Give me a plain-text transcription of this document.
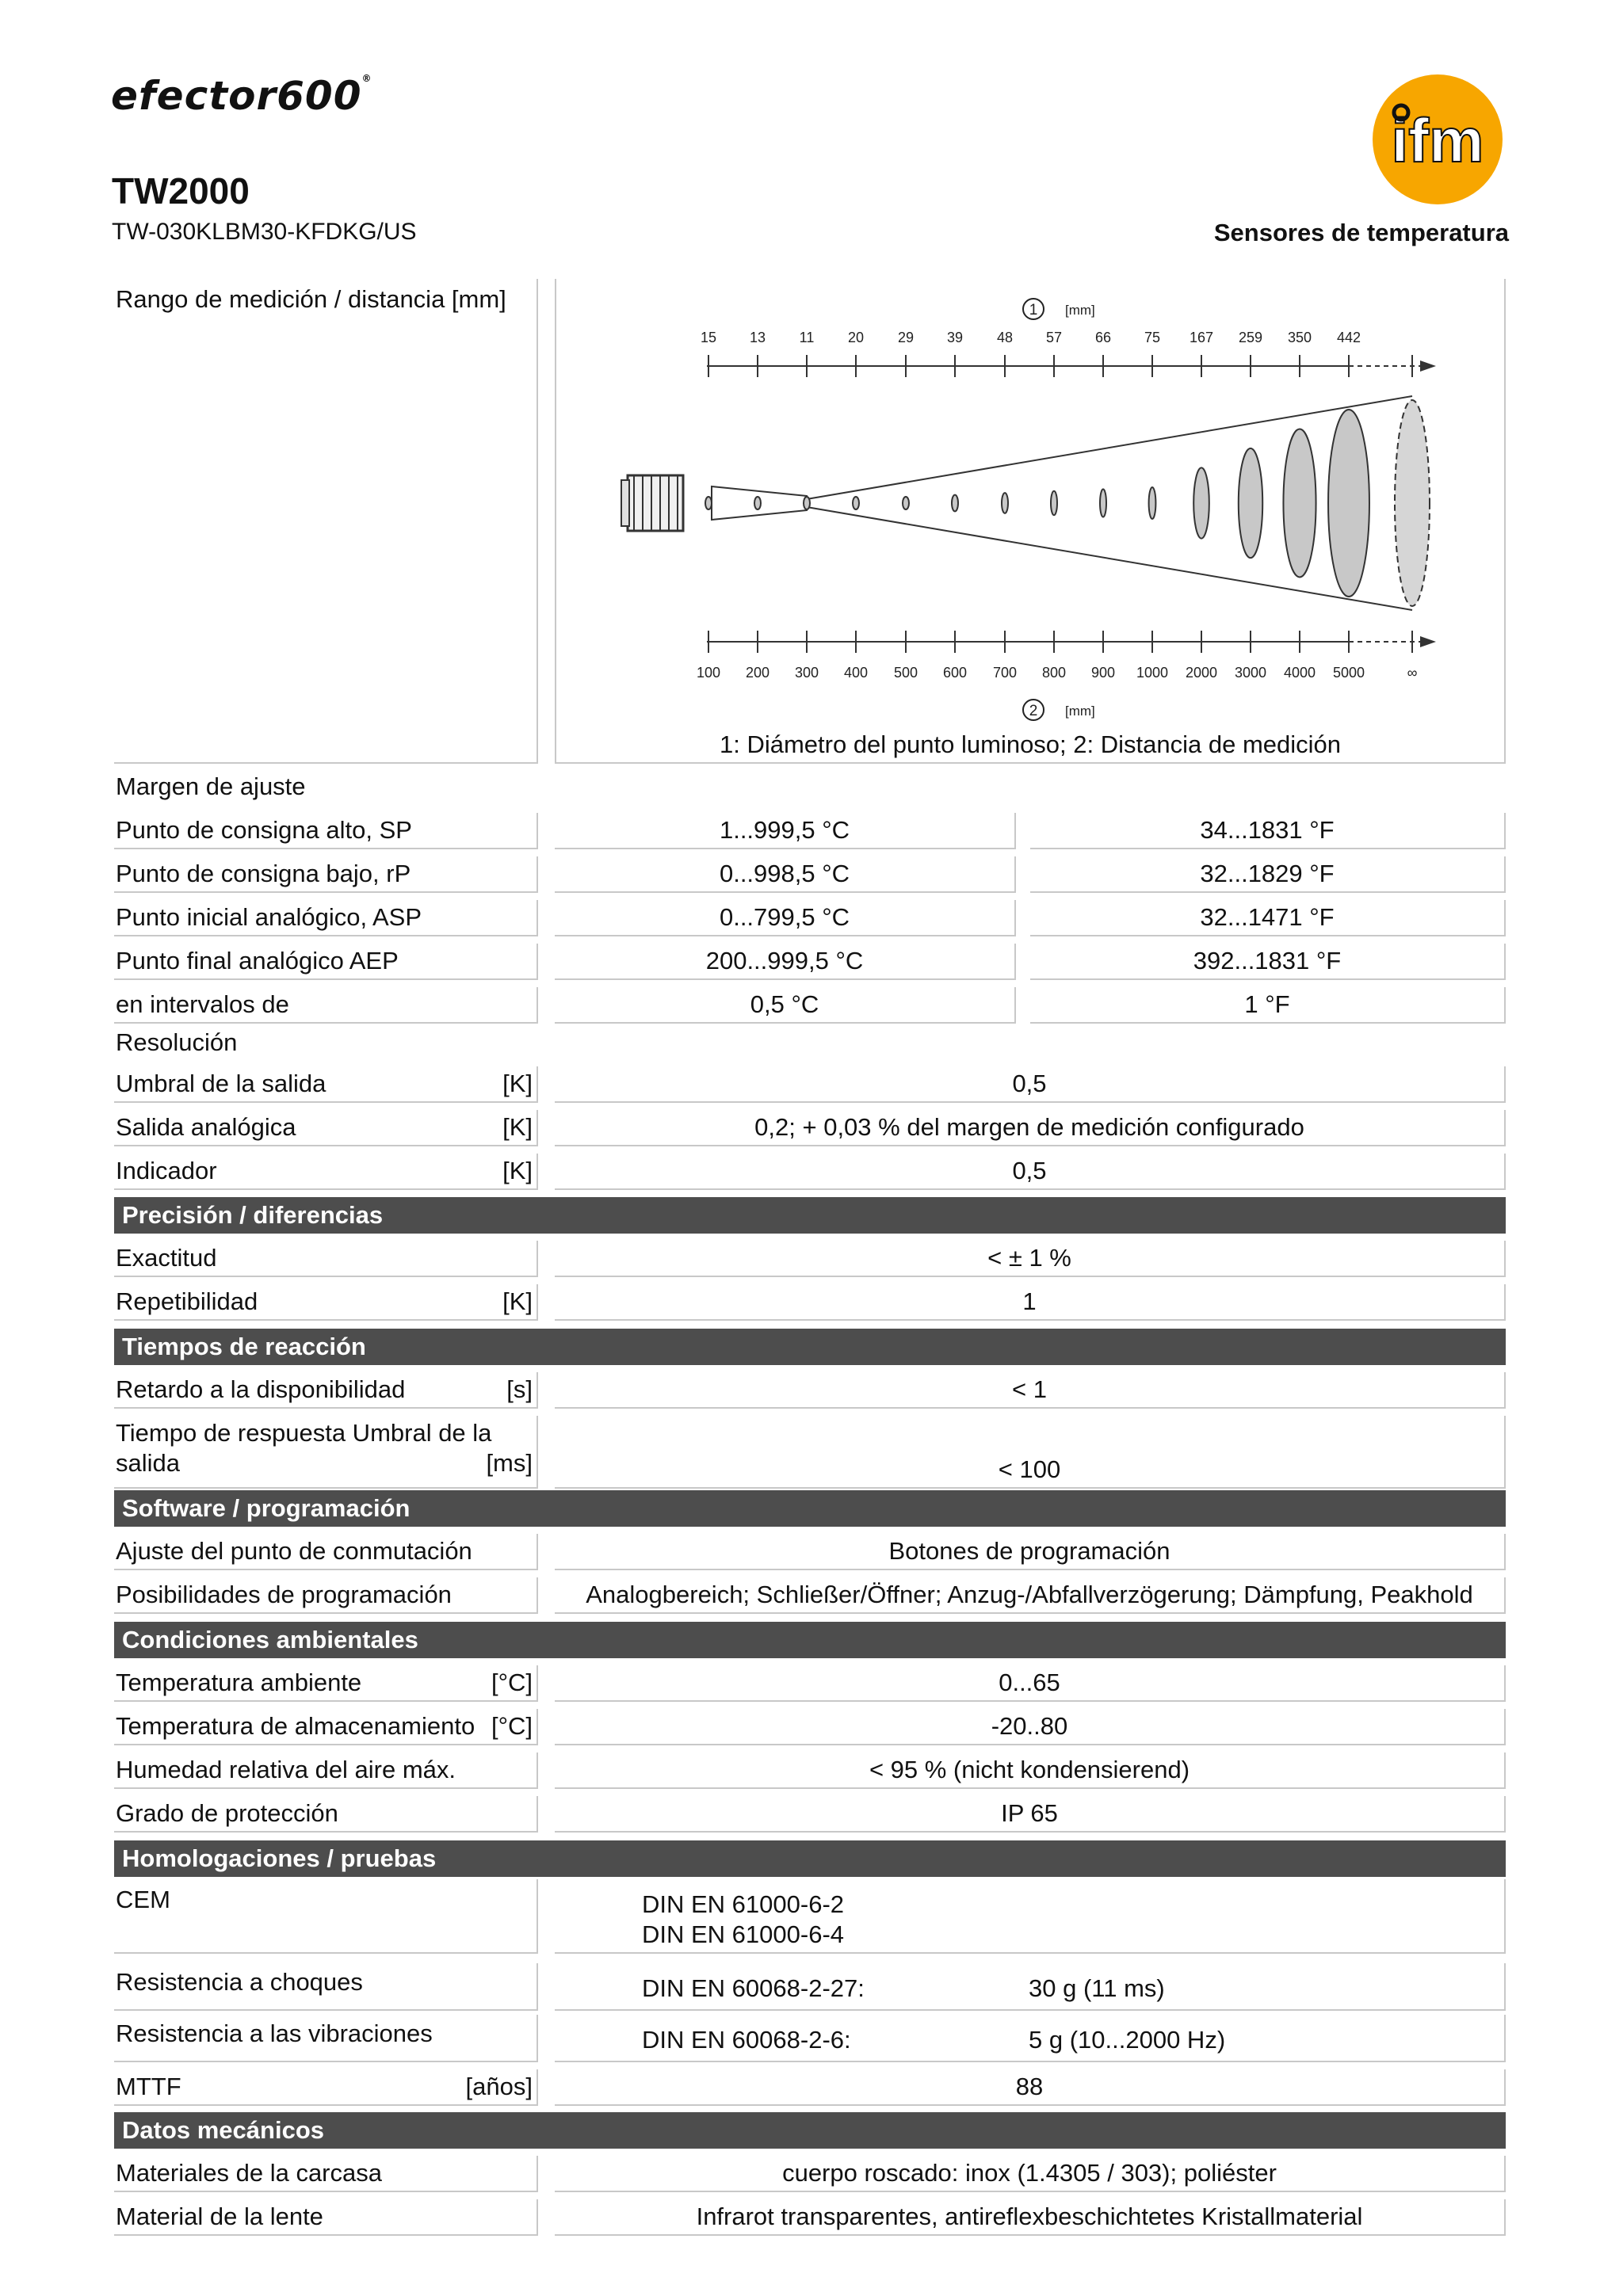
efector600®
ifm
TW2000
TW-030KLBM30-KFDKG/US	Sensores de temperatura
Rango de medición / distancia [mm]
15 13 11 20 29 39 48 57 66 75 167 259 350 442
100 200 300 400 500 600 700 800 900 1000 2000 3000 4000 5000	∞
1 [mm]
2 [mm]
1: Diámetro del punto luminoso; 2: Distancia de medición
Margen de ajuste
Punto de consigna alto, SP	1...999,5 °C	34...1831 °F
Punto de consigna bajo, rP	0...998,5 °C	32...1829 °F
Punto inicial analógico, ASP	0...799,5 °C	32...1471 °F
Punto final analógico AEP	200...999,5 °C	392...1831 °F
en intervalos de	0,5 °C	1 °F
Resolución
Umbral de la salida	[K]	0,5
Salida analógica	[K]	0,2; + 0,03 % del margen de medición configurado
Indicador	[K]	0,5
Precisión / diferencias
Exactitud	< ± 1 %
Repetibilidad	[K]	1
Tiempos de reacción
Retardo a la disponibilidad	[s]	< 1
Tiempo de respuesta Umbral de la
salida	[ms]	< 100
Software / programación
Ajuste del punto de conmutación	Botones de programación
Posibilidades de programación	Analogbereich; Schließer/Öffner; Anzug-/Abfallverzögerung; Dämpfung, Peakhold
Condiciones ambientales
Temperatura ambiente	[°C]	0...65
Temperatura de almacenamiento [°C]	-20..80
Humedad relativa del aire máx.	< 95 % (nicht kondensierend)
Grado de protección	IP 65
Homologaciones / pruebas
CEM	DIN EN 61000-6-2
DIN EN 61000-6-4
Resistencia a choques	DIN EN 60068-2-27:	30 g (11 ms)
Resistencia a las vibraciones	DIN EN 60068-2-6:	5 g (10...2000 Hz)
MTTF	[años]	88
Datos mecánicos
Materiales de la carcasa	cuerpo roscado: inox (1.4305 / 303); poliéster
Material de la lente	Infrarot transparentes, antireflexbeschichtetes Kristallmaterial
